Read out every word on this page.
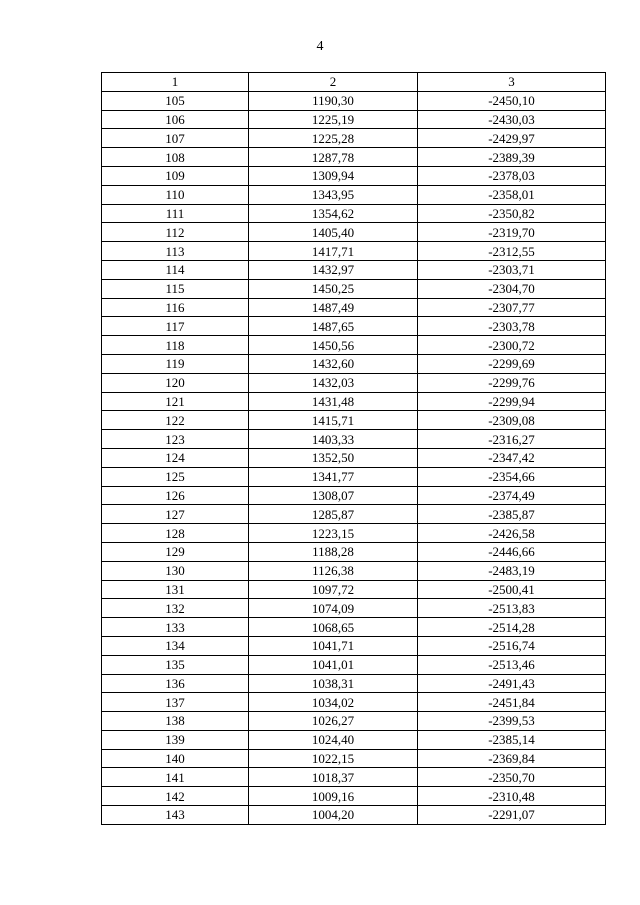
4
1	2	3
105	1190,30	-2450,10
106	1225,19	-2430,03
107	1225,28	-2429,97
108	1287,78	-2389,39
109	1309,94	-2378,03
110	1343,95	-2358,01
111	1354,62	-2350,82
112	1405,40	-2319,70
113	1417,71	-2312,55
114	1432,97	-2303,71
115	1450,25	-2304,70
116	1487,49	-2307,77
117	1487,65	-2303,78
118	1450,56	-2300,72
119	1432,60	-2299,69
120	1432,03	-2299,76
121	1431,48	-2299,94
122	1415,71	-2309,08
123	1403,33	-2316,27
124	1352,50	-2347,42
125	1341,77	-2354,66
126	1308,07	-2374,49
127	1285,87	-2385,87
128	1223,15	-2426,58
129	1188,28	-2446,66
130	1126,38	-2483,19
131	1097,72	-2500,41
132	1074,09	-2513,83
133	1068,65	-2514,28
134	1041,71	-2516,74
135	1041,01	-2513,46
136	1038,31	-2491,43
137	1034,02	-2451,84
138	1026,27	-2399,53
139	1024,40	-2385,14
140	1022,15	-2369,84
141	1018,37	-2350,70
142	1009,16	-2310,48
143	1004,20	-2291,07
